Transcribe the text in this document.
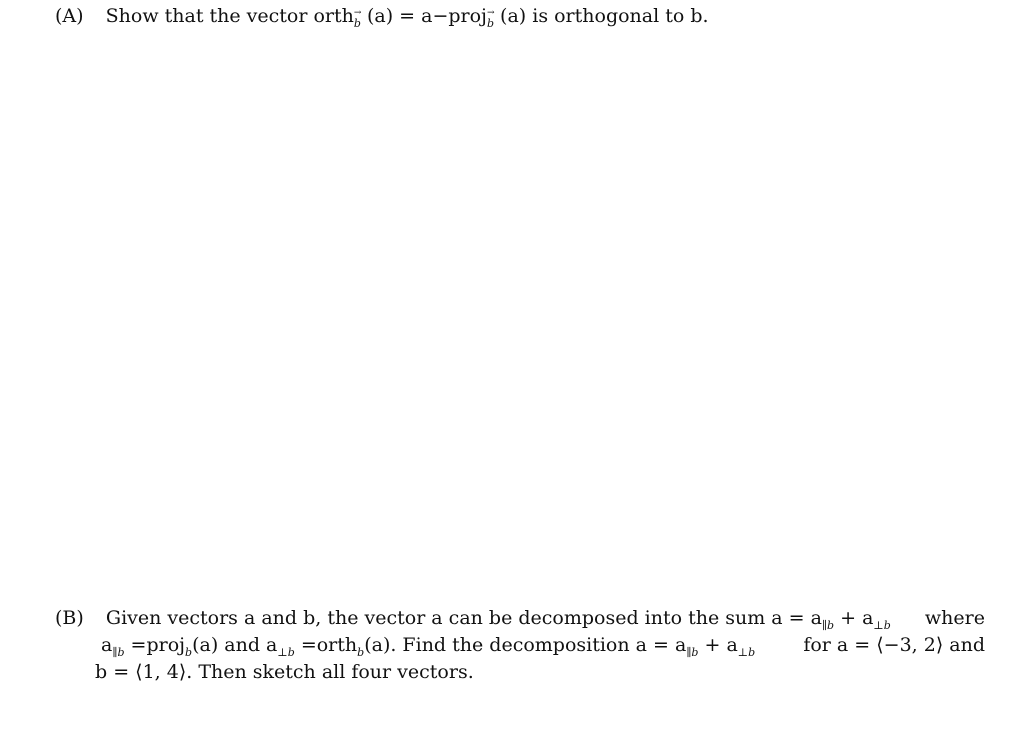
(A) Show that the vector orth $_{\to b}$ (a) = a−proj $_{\to b}$ (a) is orthogonal to b.
(B) Given vectors a and b, the vector a can be decomposed into the sum $a = a_{\parallel b} + a_{\perp b}$ where
$a_{\parallel b}$ =proj$_b$(a) and $a_{\perp b}$ =orth$_b$(a). Find the decomposition $a = a_{\parallel b} + a_{\perp b}$	for a = ⟨−3, 2⟩ and
b = ⟨1, 4⟩. Then sketch all four vectors.
